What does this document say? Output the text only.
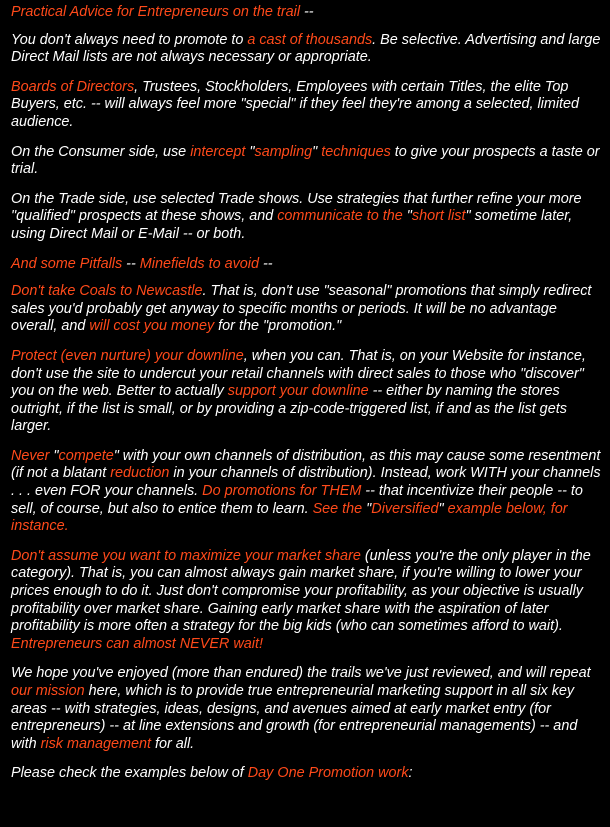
Practical Advice for Entrepreneurs on the trail --

You don't always need to promote to a cast of thousands. Be selective. Advertising and large Direct Mail lists are not always necessary or appropriate.

Boards of Directors, Trustees, Stockholders, Employees with certain Titles, the elite Top Buyers, etc. -- will always feel more "special" if they feel they're among a selected, limited audience.

On the Consumer side, use intercept "sampling" techniques to give your prospects a taste or trial.

On the Trade side, use selected Trade shows. Use strategies that further refine your more "qualified" prospects at these shows, and communicate to the "short list" sometime later, using Direct Mail or E-Mail -- or both.

And some Pitfalls -- Minefields to avoid --

Don't take Coals to Newcastle. That is, don't use "seasonal" promotions that simply redirect sales you'd probably get anyway to specific months or periods. It will be no advantage overall, and will cost you money for the "promotion."

Protect (even nurture) your downline, when you can. That is, on your Website for instance, don't use the site to undercut your retail channels with direct sales to those who "discover" you on the web. Better to actually support your downline -- either by naming the stores outright, if the list is small, or by providing a zip-code-triggered list, if and as the list gets larger.

Never "compete" with your own channels of distribution, as this may cause some resentment (if not a blatant reduction in your channels of distribution). Instead, work WITH your channels . . . even FOR your channels. Do promotions for THEM -- that incentivize their people -- to sell, of course, but also to entice them to learn. See the "Diversified" example below, for instance.

Don't assume you want to maximize your market share (unless you're the only player in the category). That is, you can almost always gain market share, if you're willing to lower your prices enough to do it. Just don't compromise your profitability, as your objective is usually profitability over market share. Gaining early market share with the aspiration of later profitability is more often a strategy for the big kids (who can sometimes afford to wait). Entrepreneurs can almost NEVER wait!

We hope you've enjoyed (more than endured) the trails we've just reviewed, and will repeat our mission here, which is to provide true entrepreneurial marketing support in all six key areas -- with strategies, ideas, designs, and avenues aimed at early market entry (for entrepreneurs) -- at line extensions and growth (for entrepreneurial managements) -- and with risk management for all.

Please check the examples below of Day One Promotion work:
